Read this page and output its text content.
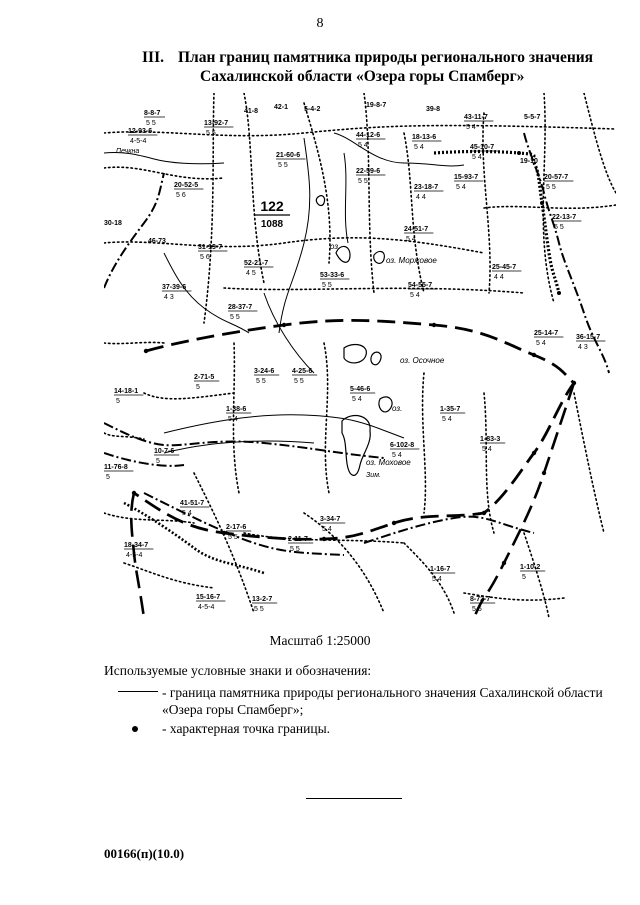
8
III. План границ памятника природы регионального значения
Сахалинской области «Озера горы Спамберг»
8-8-7
5 5	13-92-7
5 5
12-93-6
4-5-4
41-8
42-1 5-4-2
19-8-7
39-8
43-11-7
5 4
5-5-7
44-12-6
5 4
18-13-6
5 4	45-10-7
5 4
21-60-6
5 5
22-59-6
5 5
15-93-7
5 4
19-10
20-52-5
5 6
23-18-7
4 4
20-57-7
5 5
30-18
46-73
31-13-7
5 6
24-51-7
5 4
22-13-7
5 5
52-21-7
4 5	53-33-6
5 5
25-45-7
4 4
37-39-6
4 3
54-55-7
5 4
28-37-7
5 5
25-14-7
5 4
36-15-7
4 3
2-71-5
5
3-24-6
5 5
4-25-6
5 5
5-46-6
5 4
1-35-7
5 4
14-18-1
5
1-38-6
5 4
6-102-8
5 4
1-83-3
5 4
11-76-8
5
10-7-6
5
41-51-7
5 4
3-34-7
5 4
2-17-6
5 5	2-11-7
5 5
18-34-7
4-5-4
1-16-7
5 4
1-10-2
5
15-16-7
4-5-4
13-2-7
5 5
8-72-7
5 5
оз.
оз. Моржовое
оз. Осочное
оз.
оз. Моховое
122
1088
Печкна
Зим.
Масштаб 1:25000
Используемые условные знаки и обозначения:
- граница памятника природы регионального значения Сахалинской области «Озера горы Спамберг»;
- характерная точка границы.
00166(п)(10.0)
